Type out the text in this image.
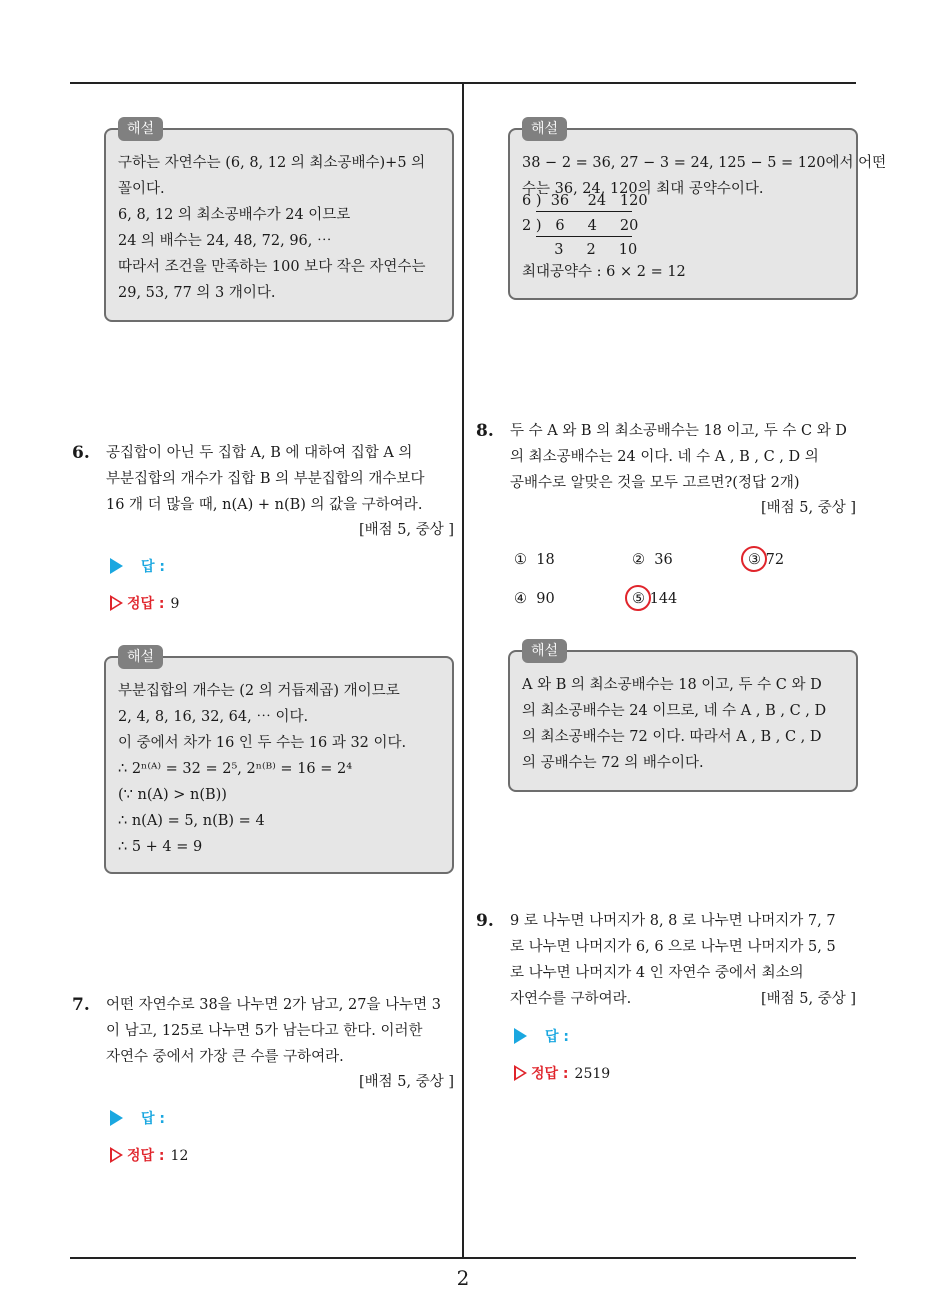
2
해설
구하는 자연수는 (6, 8, 12 의 최소공배수)+5 의
꼴이다.
6, 8, 12 의 최소공배수가 24 이므로
24 의 배수는 24, 48, 72, 96, ⋯
따라서 조건을 만족하는 100 보다 작은 자연수는
29, 53, 77 의 3 개이다.
6. 공집합이 아닌 두 집합 A, B 에 대하여 집합 A 의
부분집합의 개수가 집합 B 의 부분집합의 개수보다
16 개 더 많을 때, n(A) + n(B) 의 값을 구하여라.
[배점 5, 중상 ]
답 :
정답 : 9
해설
부분집합의 개수는 (2 의 거듭제곱) 개이므로
2, 4, 8, 16, 32, 64, ⋯ 이다.
이 중에서 차가 16 인 두 수는 16 과 32 이다.
∴ 2ⁿ⁽ᴬ⁾ = 32 = 2⁵, 2ⁿ⁽ᴮ⁾ = 16 = 2⁴
(∵ n(A) > n(B))
∴ n(A) = 5, n(B) = 4
∴ 5 + 4 = 9
7. 어떤 자연수로 38을 나누면 2가 남고, 27을 나누면 3
이 남고, 125로 나누면 5가 남는다고 한다. 이러한
자연수 중에서 가장 큰 수를 구하여라.
[배점 5, 중상 ]
답 :
정답 : 12
해설
38 − 2 = 36, 27 − 3 = 24, 125 − 5 = 120에서 어떤
수는 36, 24, 120의 최대 공약수이다.
6 )  36    24   120
2 )   6     4     20
3     2     10
최대공약수 : 6 × 2 = 12
8. 두 수 A 와 B 의 최소공배수는 18 이고, 두 수 C 와 D
의 최소공배수는 24 이다. 네 수 A , B , C , D 의
공배수로 알맞은 것을 모두 고르면?(정답 2개)
[배점 5, 중상 ]
① 18	② 36	③ 72
④ 90	⑤ 144
해설
A 와 B 의 최소공배수는 18 이고, 두 수 C 와 D
의 최소공배수는 24 이므로, 네 수 A , B , C , D
의 최소공배수는 72 이다. 따라서 A , B , C , D
의 공배수는 72 의 배수이다.
9. 9 로 나누면 나머지가 8, 8 로 나누면 나머지가 7, 7
로 나누면 나머지가 6, 6 으로 나누면 나머지가 5, 5
로 나누면 나머지가 4 인 자연수 중에서 최소의
자연수를 구하여라.	[배점 5, 중상 ]
답 :
정답 : 2519
